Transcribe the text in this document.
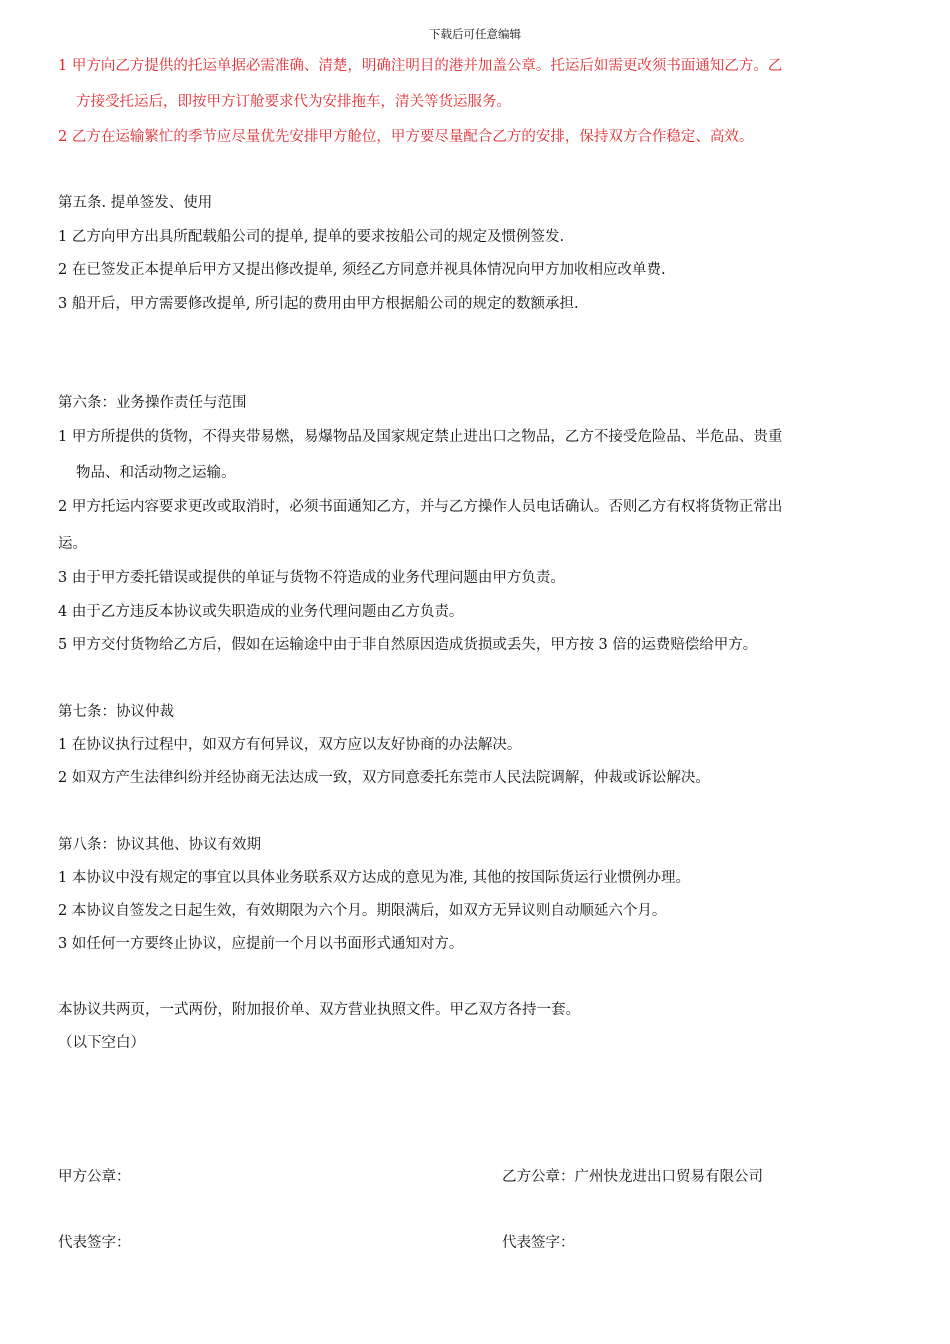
下载后可任意编辑
1 甲方向乙方提供的托运单据必需准确、清楚，明确注明目的港并加盖公章。托运后如需更改须书面通知乙方。乙
方接受托运后，即按甲方订舱要求代为安排拖车，清关等货运服务。
2 乙方在运输繁忙的季节应尽量优先安排甲方舱位，甲方要尽量配合乙方的安排，保持双方合作稳定、高效。
第五条. 提单签发、使用
1 乙方向甲方出具所配载船公司的提单, 提单的要求按船公司的规定及惯例签发.
2 在已签发正本提单后甲方又提出修改提单, 须经乙方同意并视具体情况向甲方加收相应改单费.
3 船开后，甲方需要修改提单, 所引起的费用由甲方根据船公司的规定的数额承担.
第六条：业务操作责任与范围
1 甲方所提供的货物，不得夹带易燃，易爆物品及国家规定禁止进出口之物品，乙方不接受危险品、半危品、贵重
物品、和活动物之运输。
2 甲方托运内容要求更改或取消时，必须书面通知乙方，并与乙方操作人员电话确认。否则乙方有权将货物正常出
运。
3 由于甲方委托错误或提供的单证与货物不符造成的业务代理问题由甲方负责。
4 由于乙方违反本协议或失职造成的业务代理问题由乙方负责。
5 甲方交付货物给乙方后，假如在运输途中由于非自然原因造成货损或丢失，甲方按 3 倍的运费赔偿给甲方。
第七条：协议仲裁
1 在协议执行过程中，如双方有何异议，双方应以友好协商的办法解决。
2 如双方产生法律纠纷并经协商无法达成一致，双方同意委托东莞市人民法院调解，仲裁或诉讼解决。
第八条：协议其他、协议有效期
1 本协议中没有规定的事宜以具体业务联系双方达成的意见为准, 其他的按国际货运行业惯例办理。
2 本协议自签发之日起生效，有效期限为六个月。期限满后，如双方无异议则自动顺延六个月。
3 如任何一方要终止协议，应提前一个月以书面形式通知对方。
本协议共两页，一式两份，附加报价单、双方营业执照文件。甲乙双方各持一套。
（以下空白）
甲方公章：	乙方公章：广州快龙进出口贸易有限公司
代表签字：	代表签字：
